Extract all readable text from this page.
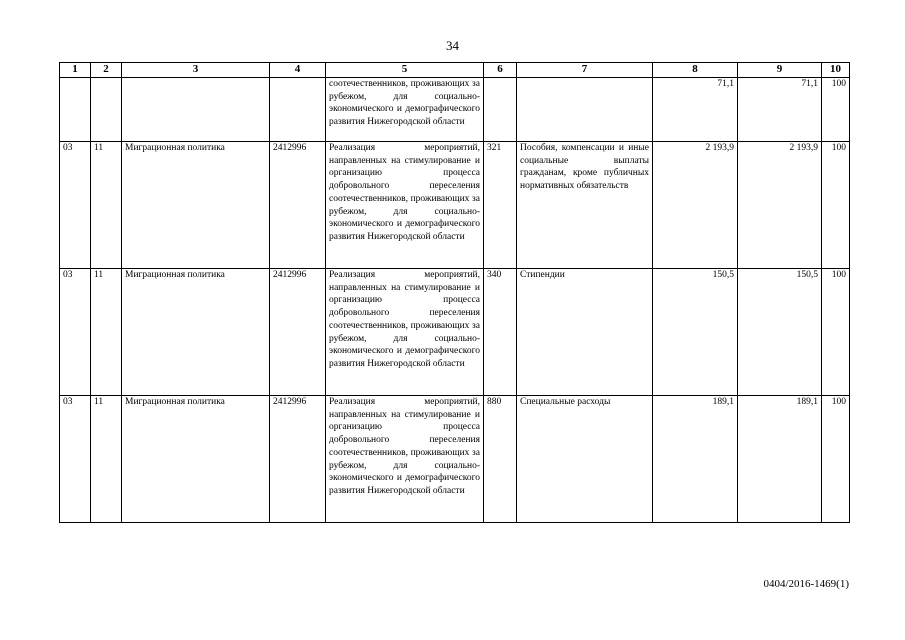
34
1	2	3	4	5	6	7	8	9	10
				соотечественников, проживающих за рубежом, для социально-экономического и демографического развития Нижегородской области			71,1	71,1	100
03	11	Миграционная политика	2412996	Реализация мероприятий, направленных на стимулирование и организацию процесса добровольного переселения соотечественников, проживающих за рубежом, для социально-экономического и демографического развития Нижегородской области	321	Пособия, компенсации и иные социальные выплаты гражданам, кроме публичных нормативных обязательств	2 193,9	2 193,9	100
03	11	Миграционная политика	2412996	Реализация мероприятий, направленных на стимулирование и организацию процесса добровольного переселения соотечественников, проживающих за рубежом, для социально-экономического и демографического развития Нижегородской области	340	Стипендии	150,5	150,5	100
03	11	Миграционная политика	2412996	Реализация мероприятий, направленных на стимулирование и организацию процесса добровольного переселения соотечественников, проживающих за рубежом, для социально-экономического и демографического развития Нижегородской области	880	Специальные расходы	189,1	189,1	100
0404/2016-1469(1)
